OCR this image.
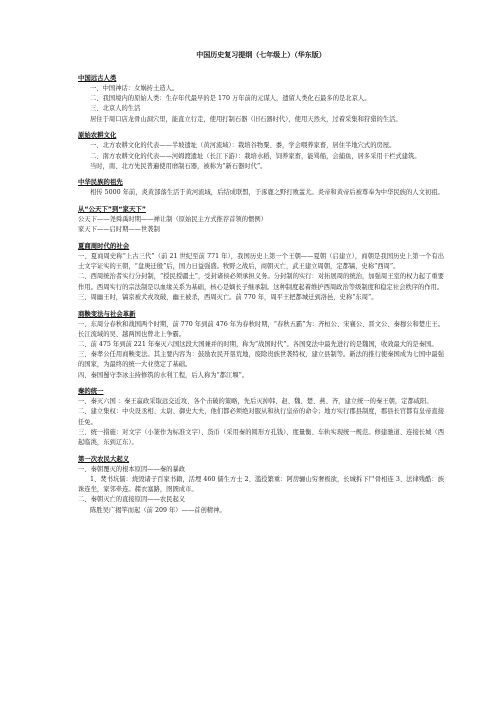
中国历史复习提纲（七年级上）（华东版）
中国远古人类

一、中国神话：女娲抟土造人。

二、我国境内的原始人类：生存年代最早的是 170 万年前的元谋人，遗留人类化石最多的是北京人。

三、北京人的生活

居住于周口店龙骨山洞穴里，能直立行走，使用打制石器（旧石器时代），使用天然火，过着采集和狩猎的生活。

原始农耕文化

一、北方农耕文化的代表——半坡遗址（黄河流域）：栽培谷物粟、黍，学会喂养家畜，居住半地穴式的房屋。

二、南方农耕文化的代表——河姆渡遗址（长江下游）：栽培水稻，饲养家畜，能骂船，会捕鱼，居多采用干栏式建筑。

当时，南、北方先民普遍使用磨制石器，被称为“新石器时代”。

中华民族的祖先

相传 5000 年前，炎黄部落生活于黄河流域，后结成联盟，于涿鹿之野打败蚩尤。炎帝和黄帝后被尊奉为中华民族的人文初祖。

从“公天下”到“家天下”

公天下——尧舜禹时期——禅让制（原始民主方式推荐首领的惯例）

家天下——启时期——世袭制

夏商周时代的社会

一、夏商周史称“上古三代”（前 21 世纪至前 771 年），我国历史上第一个王朝——夏朝（启建立），商朝是我国历史上第一个有出土文字证实的王朝，“盘庚迁殷”后，国力日益强盛。牧野之战后，商朝灭亡，武王建立周朝，定都镐，史称“西周”。

二、西周统治者实行分封制，“授民授疆土”，受封诸侯必须承担义务。分封制的实行：对拓展周的统治，加强周王室的权力起了重要作用。西周实行的宗法制是以血缘关系为基础，核心是嫡长子继承制。这种制度起着维护西周政治等级制度和稳定社会秩序的作用。

三、周幽王时，镐京被犬戎攻破，幽王被杀，西周灭亡。前 770 年，周平王把都城迁到洛邑，史称“东周”。

商鞅变法与社会革新

一、东周分春秋和战国两个时期，前 770 年到前 476 年为春秋时期，“春秋五霸”为：齐桓公、宋襄公、晋文公、秦穆公和楚庄王。长江流域的吴、越两国也曾北上争霸。

二、前 475 年到前 221 年秦灭六国这段大国兼并的时期，称为“战国时代”。各国变法中最先进行的是魏国，收效最大的是秦国。

三、秦孝公任用商鞅变法。其主要内容为：鼓励农民开垦荒地，废除贵族世袭特权，建立县制等。新法的推行使秦国成为七国中最强的国家，为最终的统一大业奠定了基础。

四、秦国蜀守李冰主持修筑的水利工程，后人称为“都江堰”。

秦的统一

一、秦灭六国 ：秦王嬴政采取远交近攻、各个击破的策略，先后灭掉韩、赵、魏、楚、燕、齐，建立统一的秦王朝，定都咸阳。

二、建立集权：中央设丞相、太尉、御史大夫，他们都必须绝对服从和执行皇帝的命令；地方实行郡县制度，郡县长官都有皇帝直接任免。

三、统一措施：对文字（小篆作为标准文字）、货币（采用秦的圆形方孔钱）、度量衡、车轨实现统一规范。修建驰道、连接长城（西起临洮，东到辽东）。

第一次农民大起义

一、秦朝覆灭的根本原因——秦的暴政

1、焚书坑儒：烧毁诸子百家书籍，活埋 460 儒生方士 2、滥役繁重：阿房骊山穷奢极欲，长城拆下尸骨相连 3、法律残酷：族诛连坐，家邻牵连。赭衣塞路，囹圄成市。

二、秦朝灭亡的直接原因——农民起义

陈胜吴广揭竿而起（前 209 年）——首创精神。
